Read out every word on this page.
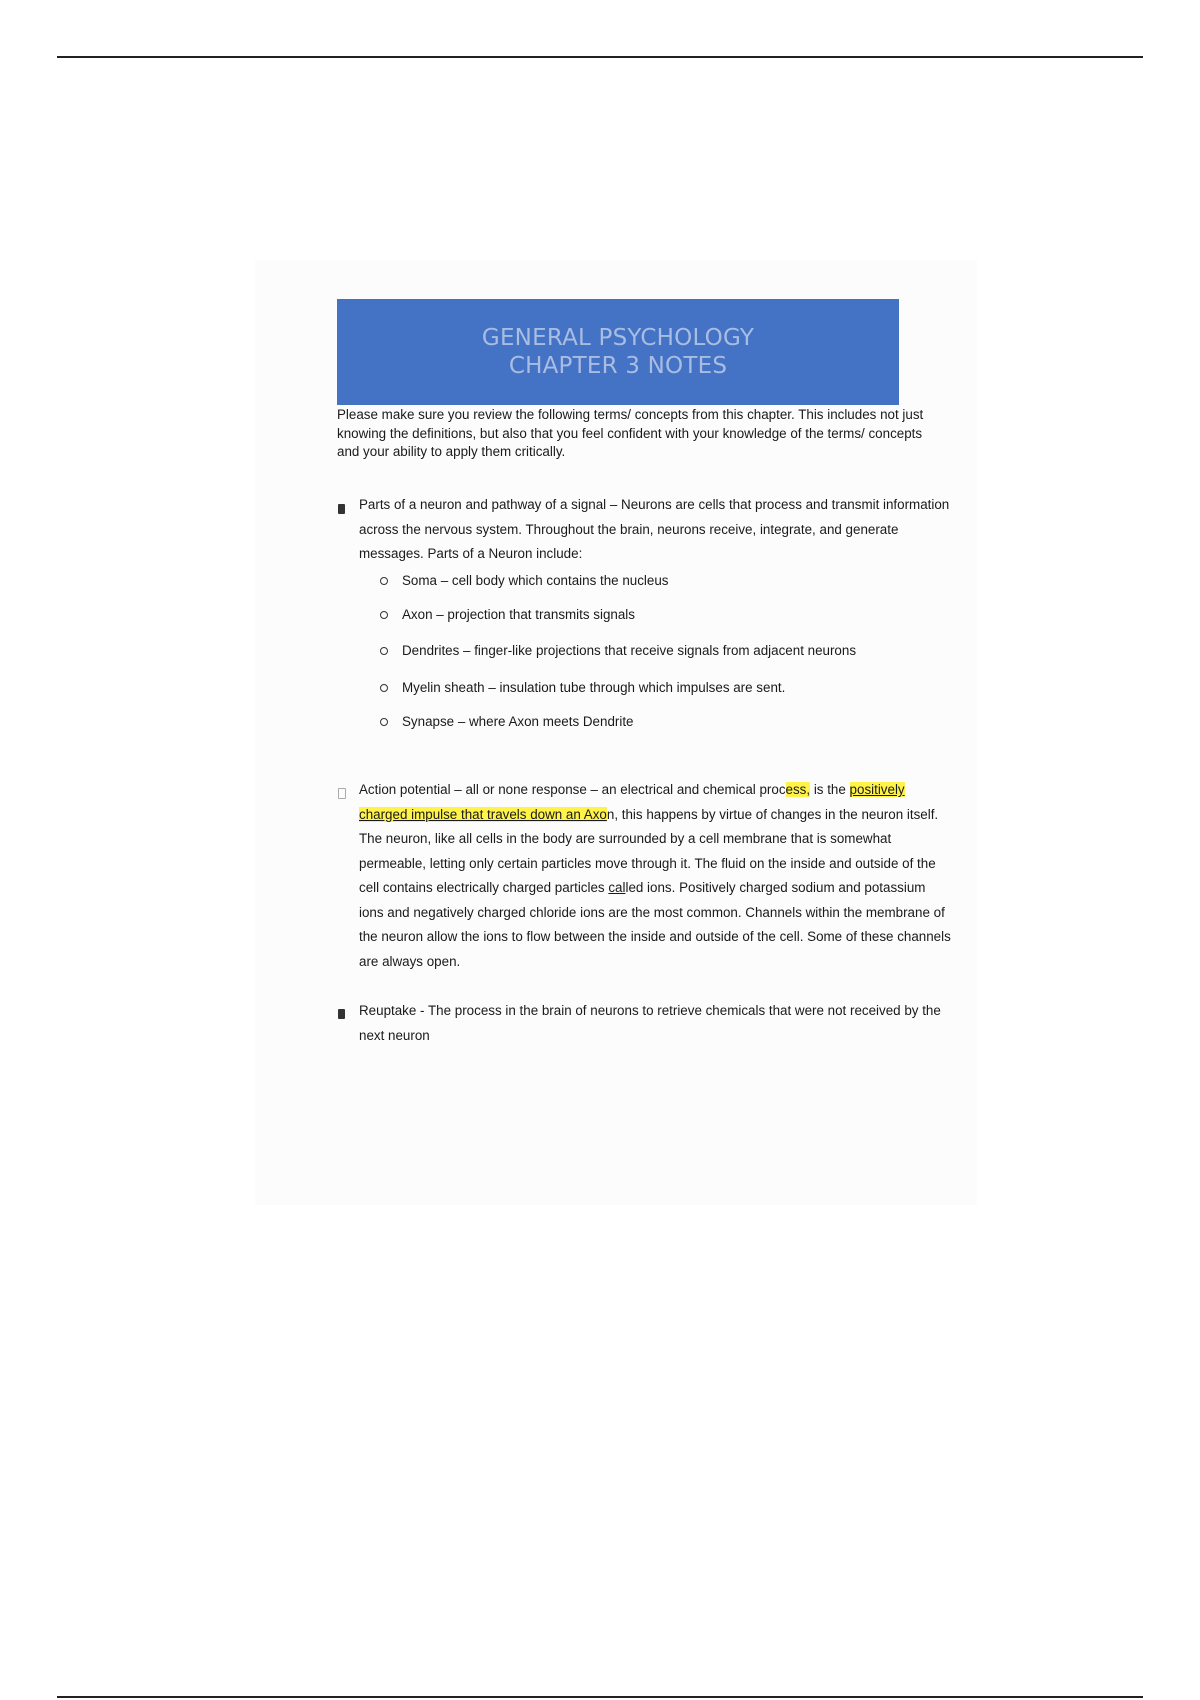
GENERAL PSYCHOLOGY
CHAPTER 3 NOTES
Please make sure you review the following terms/ concepts from this chapter. This includes not just knowing the definitions, but also that you feel confident with your knowledge of the terms/ concepts and your ability to apply them critically.
Parts of a neuron and pathway of a signal – Neurons are cells that process and transmit information across the nervous system. Throughout the brain, neurons receive, integrate, and generate messages. Parts of a Neuron include:
Soma – cell body which contains the nucleus
Axon – projection that transmits signals
Dendrites – finger-like projections that receive signals from adjacent neurons
Myelin sheath – insulation tube through which impulses are sent.
Synapse – where Axon meets Dendrite
Action potential – all or none response – an electrical and chemical process, is the positively charged impulse that travels down an Axon, this happens by virtue of changes in the neuron itself. The neuron, like all cells in the body are surrounded by a cell membrane that is somewhat permeable, letting only certain particles move through it. The fluid on the inside and outside of the cell contains electrically charged particles called ions. Positively charged sodium and potassium ions and negatively charged chloride ions are the most common. Channels within the membrane of the neuron allow the ions to flow between the inside and outside of the cell. Some of these channels are always open.
Reuptake - The process in the brain of neurons to retrieve chemicals that were not received by the next neuron
